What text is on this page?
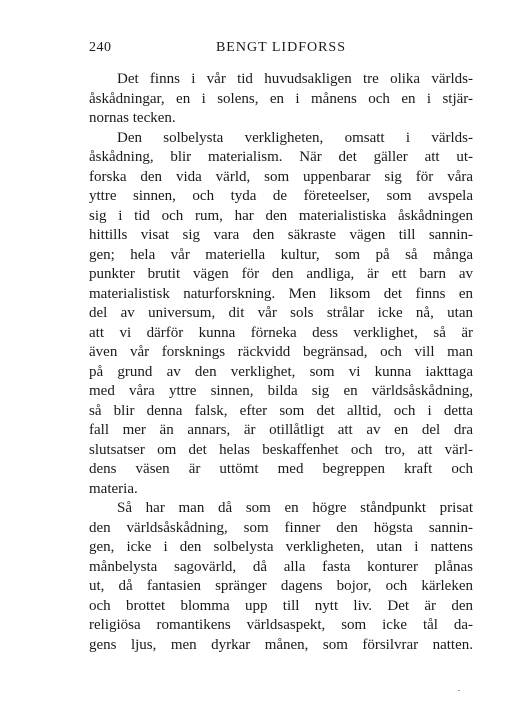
240	BENGT LIDFORSS
Det finns i vår tid huvudsakligen tre olika världs-
åskådningar, en i solens, en i månens och en i stjär-
nornas tecken.
Den solbelysta verkligheten, omsatt i världs-
åskådning, blir materialism. När det gäller att ut-
forska den vida värld, som uppenbarar sig för våra
yttre sinnen, och tyda de företeelser, som avspela
sig i tid och rum, har den materialistiska åskådningen
hittills visat sig vara den säkraste vägen till sannin-
gen; hela vår materiella kultur, som på så många
punkter brutit vägen för den andliga, är ett barn av
materialistisk naturforskning. Men liksom det finns en
del av universum, dit vår sols strålar icke nå, utan
att vi därför kunna förneka dess verklighet, så är
även vår forsknings räckvidd begränsad, och vill man
på grund av den verklighet, som vi kunna iakttaga
med våra yttre sinnen, bilda sig en världsåskådning,
så blir denna falsk, efter som det alltid, och i detta
fall mer än annars, är otillåtligt att av en del dra
slutsatser om det helas beskaffenhet och tro, att värl-
dens väsen är uttömt med begreppen kraft och
materia.
Så har man då som en högre ståndpunkt prisat
den världsåskådning, som finner den högsta sannin-
gen, icke i den solbelysta verkligheten, utan i nattens
månbelysta sagovärld, då alla fasta konturer plånas
ut, då fantasien spränger dagens bojor, och kärleken
och brottet blomma upp till nytt liv. Det är den
religiösa romantikens världsaspekt, som icke tål da-
gens ljus, men dyrkar månen, som försilvrar natten.
